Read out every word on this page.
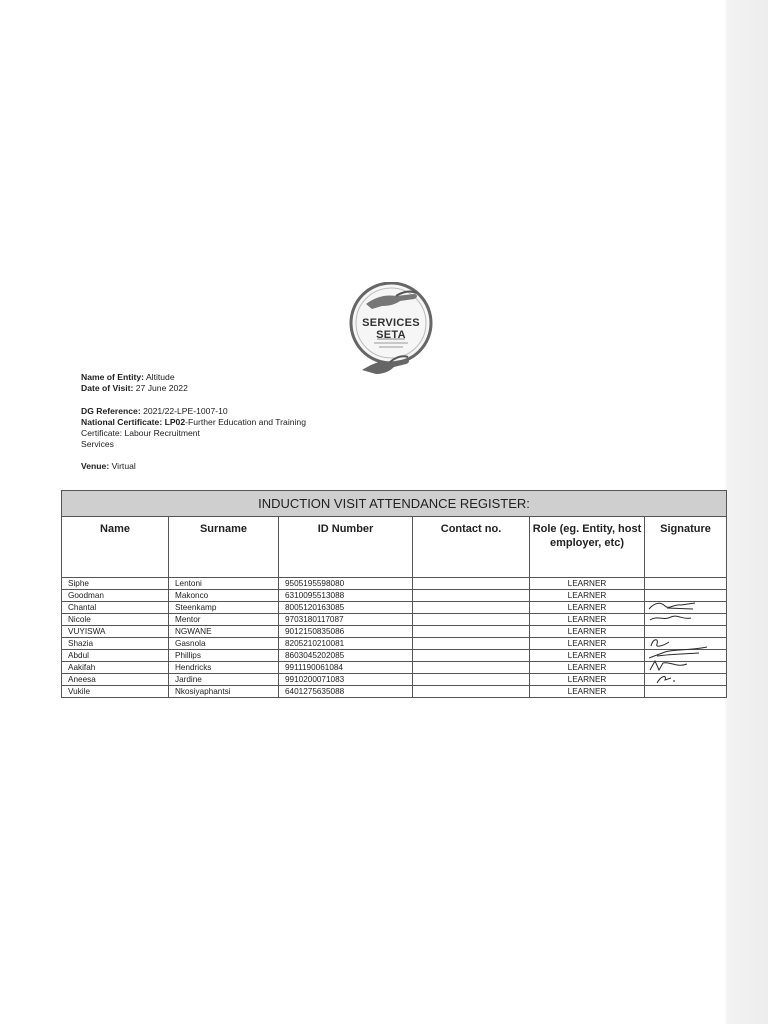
SERVICES
SETA
Name of Entity: Altitude
Date of Visit: 27 June 2022
DG Reference: 2021/22-LPE-1007-10
National Certificate: LP02-Further Education and Training
Certificate: Labour Recruitment
Services
Venue: Virtual
INDUCTION VISIT ATTENDANCE REGISTER:					
Name	Surname	ID Number	Contact no.	Role (eg. Entity, host employer, etc)	Signature
Siphe	Lentoni	9505195598080		LEARNER	
Goodman	Makonco	6310095513088		LEARNER	
Chantal	Steenkamp	8005120163085		LEARNER	

Nicole	Mentor	9703180117087		LEARNER	

VUYISWA	NGWANE	9012150835086		LEARNER	
Shazia	Gasnola	8205210210081		LEARNER	

Abdul	Phillips	8603045202085		LEARNER	

Aakifah	Hendricks	9911190061084		LEARNER	

Aneesa	Jardine	9910200071083		LEARNER	

Vukile	Nkosiyaphantsi	6401275635088		LEARNER	
